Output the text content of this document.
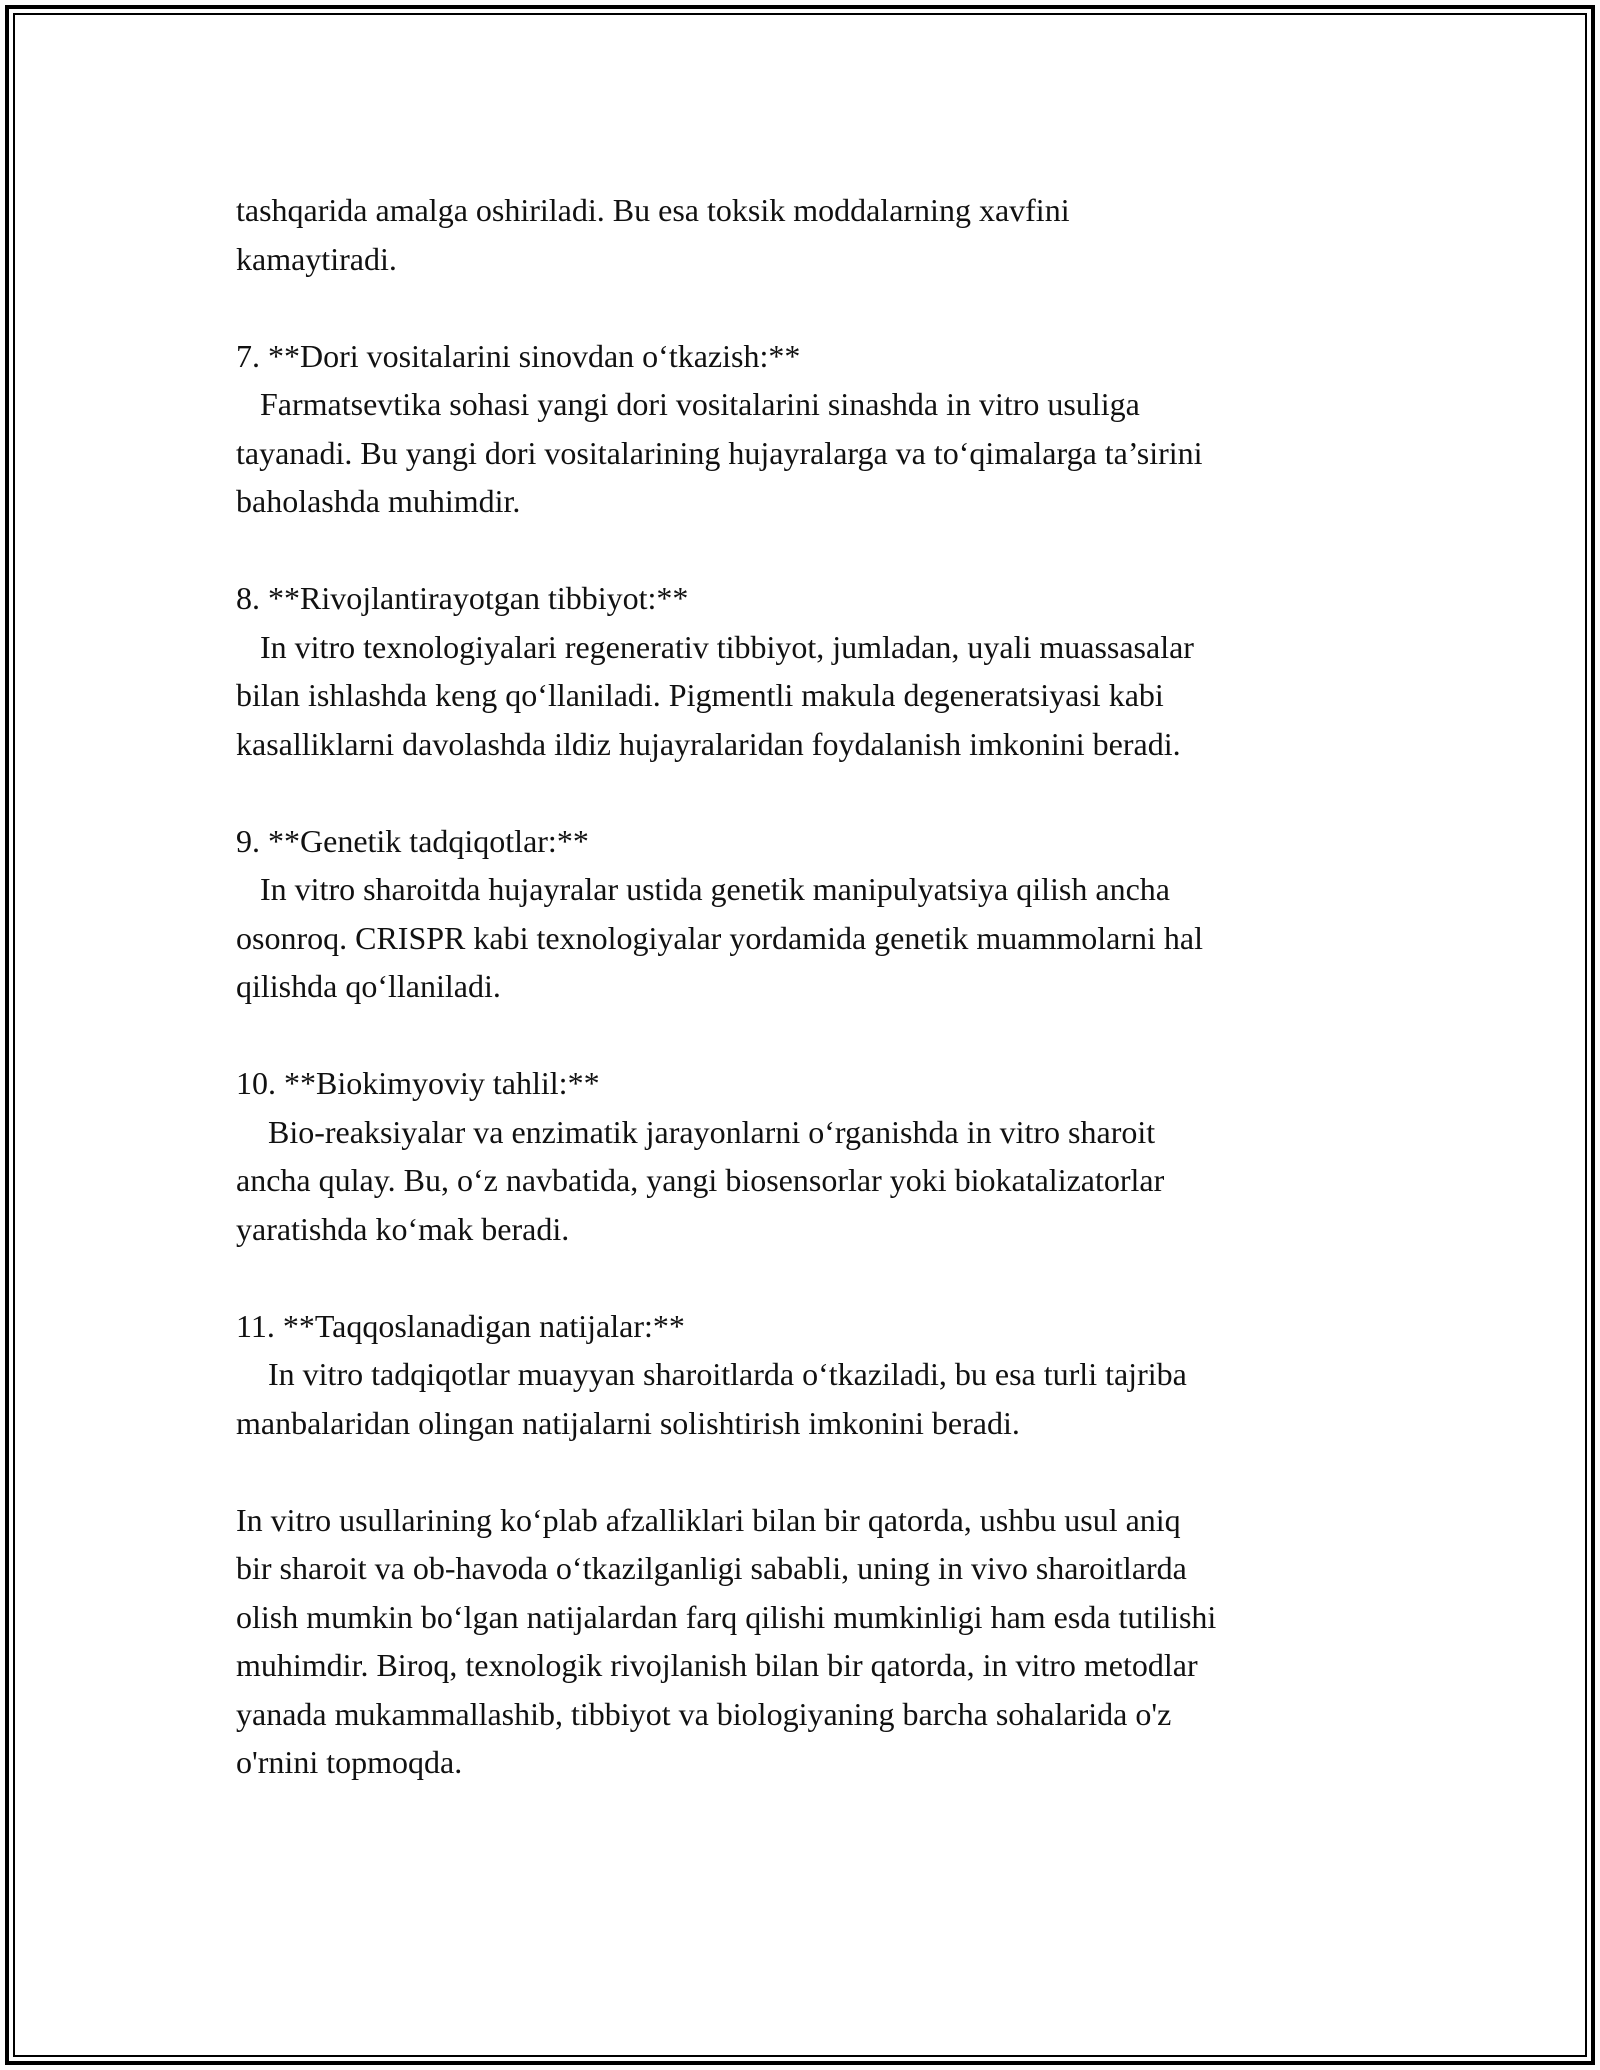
tashqarida amalga oshiriladi. Bu esa toksik moddalarning xavfini
kamaytiradi.
7. **Dori vositalarini sinovdan o‘tkazish:**
Farmatsevtika sohasi yangi dori vositalarini sinashda in vitro usuliga
tayanadi. Bu yangi dori vositalarining hujayralarga va to‘qimalarga ta’sirini
baholashda muhimdir.
8. **Rivojlantirayotgan tibbiyot:**
In vitro texnologiyalari regenerativ tibbiyot, jumladan, uyali muassasalar
bilan ishlashda keng qo‘llaniladi. Pigmentli makula degeneratsiyasi kabi
kasalliklarni davolashda ildiz hujayralaridan foydalanish imkonini beradi.
9. **Genetik tadqiqotlar:**
In vitro sharoitda hujayralar ustida genetik manipulyatsiya qilish ancha
osonroq. CRISPR kabi texnologiyalar yordamida genetik muammolarni hal
qilishda qo‘llaniladi.
10. **Biokimyoviy tahlil:**
Bio-reaksiyalar va enzimatik jarayonlarni o‘rganishda in vitro sharoit
ancha qulay. Bu, o‘z navbatida, yangi biosensorlar yoki biokatalizatorlar
yaratishda ko‘mak beradi.
11. **Taqqoslanadigan natijalar:**
In vitro tadqiqotlar muayyan sharoitlarda o‘tkaziladi, bu esa turli tajriba
manbalaridan olingan natijalarni solishtirish imkonini beradi.
In vitro usullarining ko‘plab afzalliklari bilan bir qatorda, ushbu usul aniq
bir sharoit va ob-havoda o‘tkazilganligi sababli, uning in vivo sharoitlarda
olish mumkin bo‘lgan natijalardan farq qilishi mumkinligi ham esda tutilishi
muhimdir. Biroq, texnologik rivojlanish bilan bir qatorda, in vitro metodlar
yanada mukammallashib, tibbiyot va biologiyaning barcha sohalarida o'z
o'rnini topmoqda.
